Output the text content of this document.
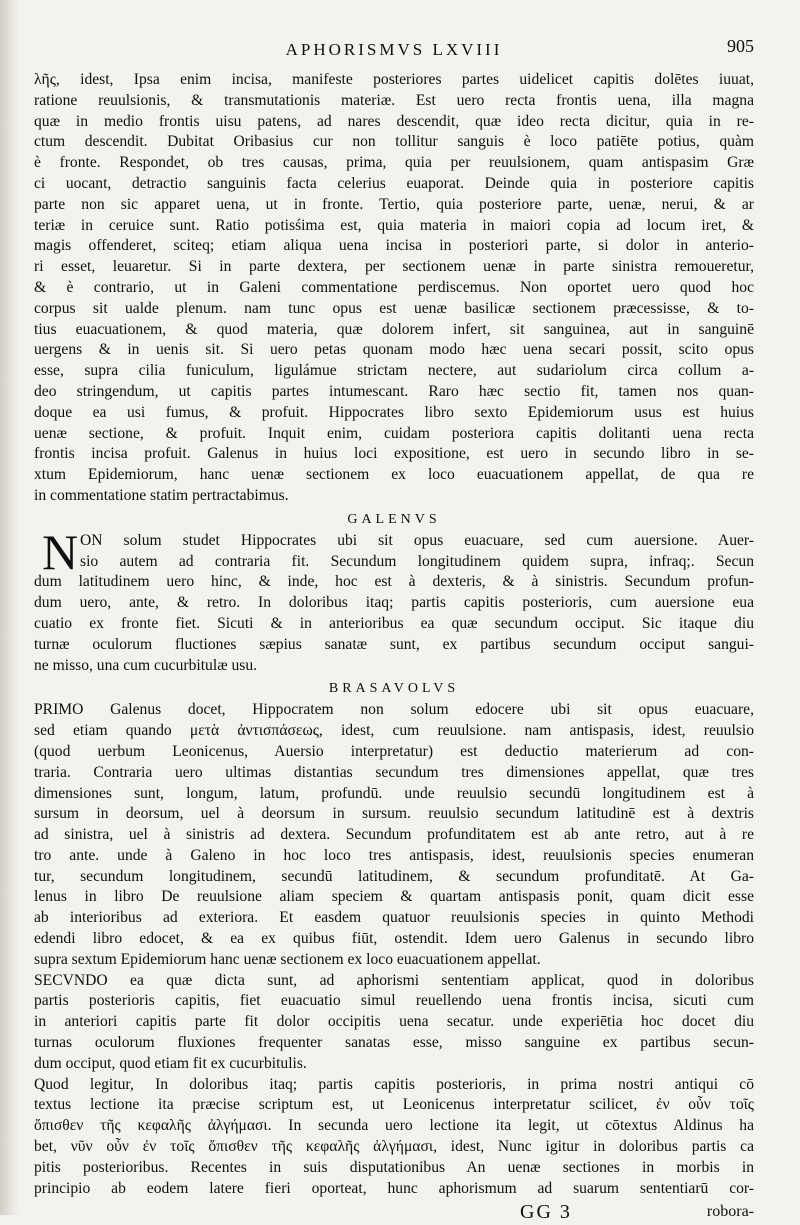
APHORISMVS LXVIII	905

λῆς, idest, Ipsa enim incisa, manifeste posteriores partes uidelicet capitis dolētes iuuat,

ratione reuulsionis, & transmutationis materiæ. Est uero recta frontis uena, illa magna

quæ in medio frontis uisu patens, ad nares descendit, quæ ideo recta dicitur, quia in re-

ctum descendit. Dubitat Oribasius cur non tollitur sanguis è loco patiēte potius, quàm

è fronte. Respondet, ob tres causas, prima, quia per reuulsionem, quam antispasim Græ

ci uocant, detractio sanguinis facta celerius euaporat. Deinde quia in posteriore capitis

parte non sic apparet uena, ut in fronte. Tertio, quia posteriore parte, uenæ, nerui, & ar

teriæ in ceruice sunt. Ratio potisśima est, quia materia in maiori copia ad locum iret, &

magis offenderet, sciteq; etiam aliqua uena incisa in posteriori parte, si dolor in anterio-

ri esset, leuaretur. Si in parte dextera, per sectionem uenæ in parte sinistra remoueretur,

& è contrario, ut in Galeni commentatione perdiscemus. Non oportet uero quod hoc

corpus sit ualde plenum. nam tunc opus est uenæ basilicæ sectionem præcessisse, & to-

tius euacuationem, & quod materia, quæ dolorem infert, sit sanguinea, aut in sanguinē

uergens & in uenis sit. Si uero petas quonam modo hæc uena secari possit, scito opus

esse, supra cilia funiculum, ligulámue strictam nectere, aut sudariolum circa collum a-

deo stringendum, ut capitis partes intumescant. Raro hæc sectio fit, tamen nos quan-

doque ea usi fumus, & profuit. Hippocrates libro sexto Epidemiorum usus est huius

uenæ sectione, & profuit. Inquit enim, cuidam posteriora capitis dolitanti uena recta

frontis incisa profuit. Galenus in huius loci expositione, est uero in secundo libro in se-

xtum Epidemiorum, hanc uenæ sectionem ex loco euacuationem appellat, de qua re

in commentatione statim pertractabimus.

GALENVS
N ON solum studet Hippocrates ubi sit opus euacuare, sed cum auersione. Auer-

sio autem ad contraria fit. Secundum longitudinem quidem supra, infraq;. Secun

dum latitudinem uero hinc, & inde, hoc est à dexteris, & à sinistris. Secundum profun-

dum uero, ante, & retro. In doloribus itaq; partis capitis posterioris, cum auersione eua

cuatio ex fronte fiet. Sicuti & in anterioribus ea quæ secundum occiput. Sic itaque diu

turnæ oculorum fluctiones sæpius sanatæ sunt, ex partibus secundum occiput sangui-

ne misso, una cum cucurbitulæ usu.

BRASAVOLVS

PRIMO Galenus docet, Hippocratem non solum edocere ubi sit opus euacuare,

sed etiam quando μετὰ ἀντισπάσεως, idest, cum reuulsione. nam antispasis, idest, reuulsio

(quod uerbum Leonicenus, Auersio interpretatur) est deductio materierum ad con-

traria. Contraria uero ultimas distantias secundum tres dimensiones appellat, quæ tres

dimensiones sunt, longum, latum, profundū. unde reuulsio secundū longitudinem est à

sursum in deorsum, uel à deorsum in sursum. reuulsio secundum latitudinē est à dextris

ad sinistra, uel à sinistris ad dextera. Secundum profunditatem est ab ante retro, aut à re

tro ante. unde à Galeno in hoc loco tres antispasis, idest, reuulsionis species enumeran

tur, secundum longitudinem, secundū latitudinem, & secundum profunditatē. At Ga-

lenus in libro De reuulsione aliam speciem & quartam antispasis ponit, quam dicit esse

ab interioribus ad exteriora. Et easdem quatuor reuulsionis species in quinto Methodi

edendi libro edocet, & ea ex quibus fiūt, ostendit. Idem uero Galenus in secundo libro

supra sextum Epidemiorum hanc uenæ sectionem ex loco euacuationem appellat.

SECVNDO ea quæ dicta sunt, ad aphorismi sententiam applicat, quod in doloribus

partis posterioris capitis, fiet euacuatio simul reuellendo uena frontis incisa, sicuti cum

in anteriori capitis parte fit dolor occipitis uena secatur. unde experiētia hoc docet diu

turnas oculorum fluxiones frequenter sanatas esse, misso sanguine ex partibus secun-

dum occiput, quod etiam fit ex cucurbitulis.

Quod legitur, In doloribus itaq; partis capitis posterioris, in prima nostri antiqui cō

textus lectione ita præcise scriptum est, ut Leonicenus interpretatur scilicet, ἐν οὖν τοῖς

ὄπισθεν τῆς κεφαλῆς ἀλγήμασι. In secunda uero lectione ita legit, ut cōtextus Aldinus ha

bet, νῦν οὖν ἐν τοῖς ὄπισθεν τῆς κεφαλῆς ἀλγήμασι, idest, Nunc igitur in doloribus partis ca

pitis posterioribus. Recentes in suis disputationibus An uenæ sectiones in morbis in

principio ab eodem latere fieri oporteat, hunc aphorismum ad suarum sententiarū cor-

GG 3	robora-
